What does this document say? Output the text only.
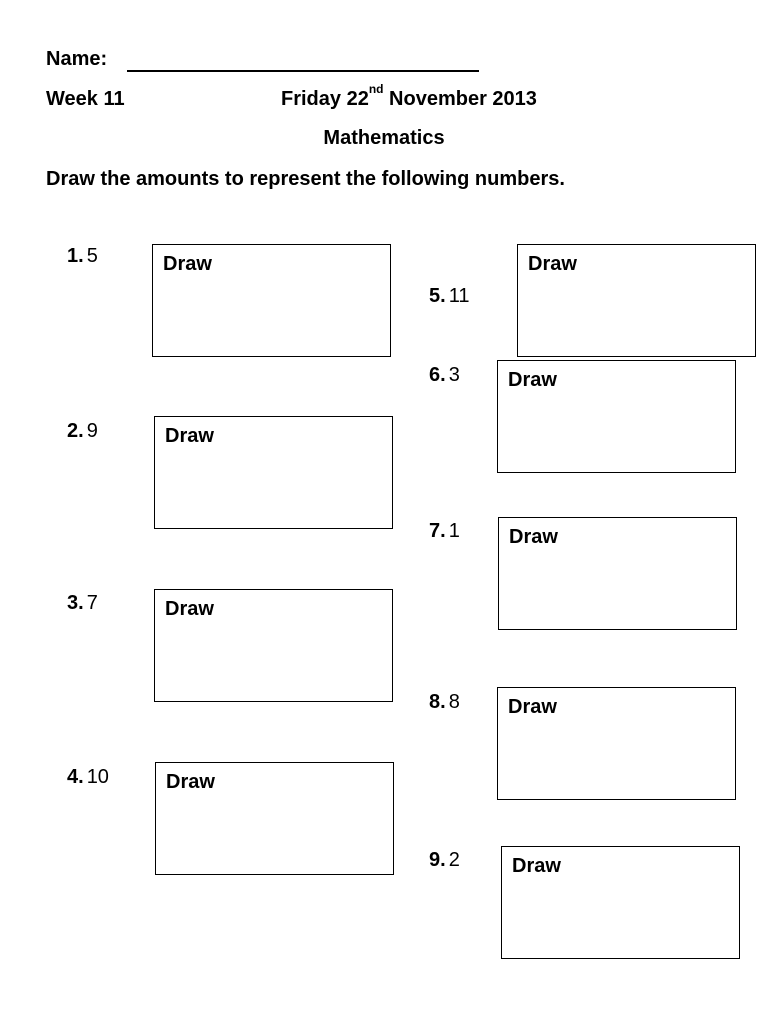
Name:
Week 11	Friday 22nd November 2013
Mathematics
Draw the amounts to represent the following numbers.
1. 5	Draw
2. 9	Draw
3. 7	Draw
4. 10	Draw
5. 11
Draw
6. 3 Draw
7. 1 Draw
8. 8 Draw
9. 2	Draw
